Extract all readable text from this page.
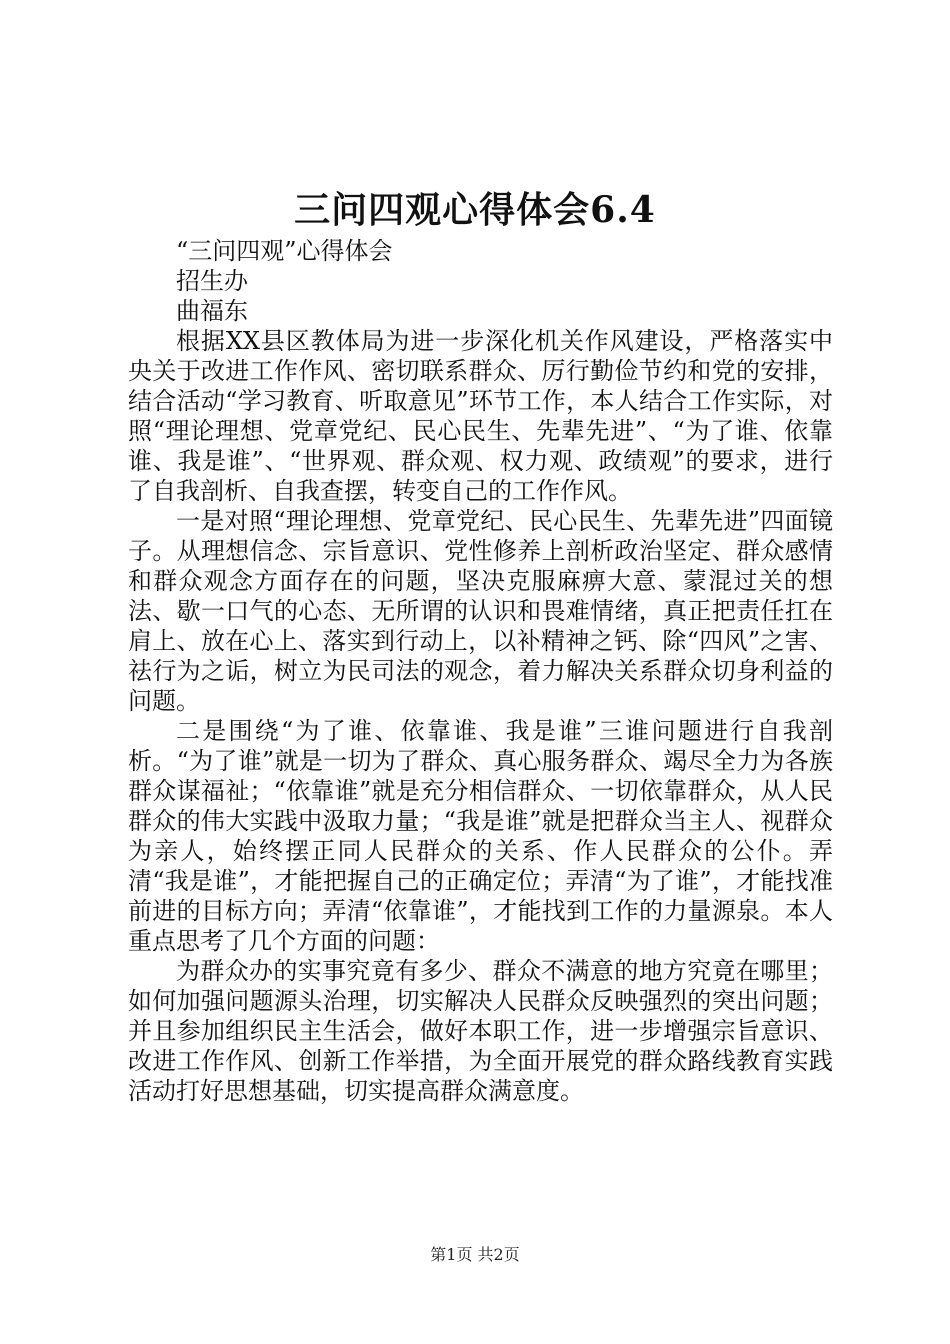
三问四观心得体会6.4

“三问四观”心得体会

招生办

曲福东

根据XX县区教体局为进一步深化机关作风建设，严格落实中央关于改进工作作风、密切联系群众、厉行勤俭节约和党的安排，结合活动“学习教育、听取意见”环节工作，本人结合工作实际，对照“理论理想、党章党纪、民心民生、先辈先进”、“为了谁、依靠谁、我是谁”、“世界观、群众观、权力观、政绩观”的要求，进行了自我剖析、自我查摆，转变自己的工作作风。

一是对照“理论理想、党章党纪、民心民生、先辈先进”四面镜子。从理想信念、宗旨意识、党性修养上剖析政治坚定、群众感情和群众观念方面存在的问题，坚决克服麻痹大意、蒙混过关的想法、歇一口气的心态、无所谓的认识和畏难情绪，真正把责任扛在肩上、放在心上、落实到行动上，以补精神之钙、除“四风”之害、祛行为之诟，树立为民司法的观念，着力解决关系群众切身利益的问题。

二是围绕“为了谁、依靠谁、我是谁”三谁问题进行自我剖析。“为了谁”就是一切为了群众、真心服务群众、竭尽全力为各族群众谋福祉；“依靠谁”就是充分相信群众、一切依靠群众，从人民群众的伟大实践中汲取力量；“我是谁”就是把群众当主人、视群众为亲人，始终摆正同人民群众的关系、作人民群众的公仆。弄清“我是谁”，才能把握自己的正确定位；弄清“为了谁”，才能找准前进的目标方向；弄清“依靠谁”，才能找到工作的力量源泉。本人重点思考了几个方面的问题：

为群众办的实事究竟有多少、群众不满意的地方究竟在哪里；如何加强问题源头治理，切实解决人民群众反映强烈的突出问题；并且参加组织民主生活会，做好本职工作，进一步增强宗旨意识、改进工作作风、创新工作举措，为全面开展党的群众路线教育实践活动打好思想基础，切实提高群众满意度。

第1页 共2页
